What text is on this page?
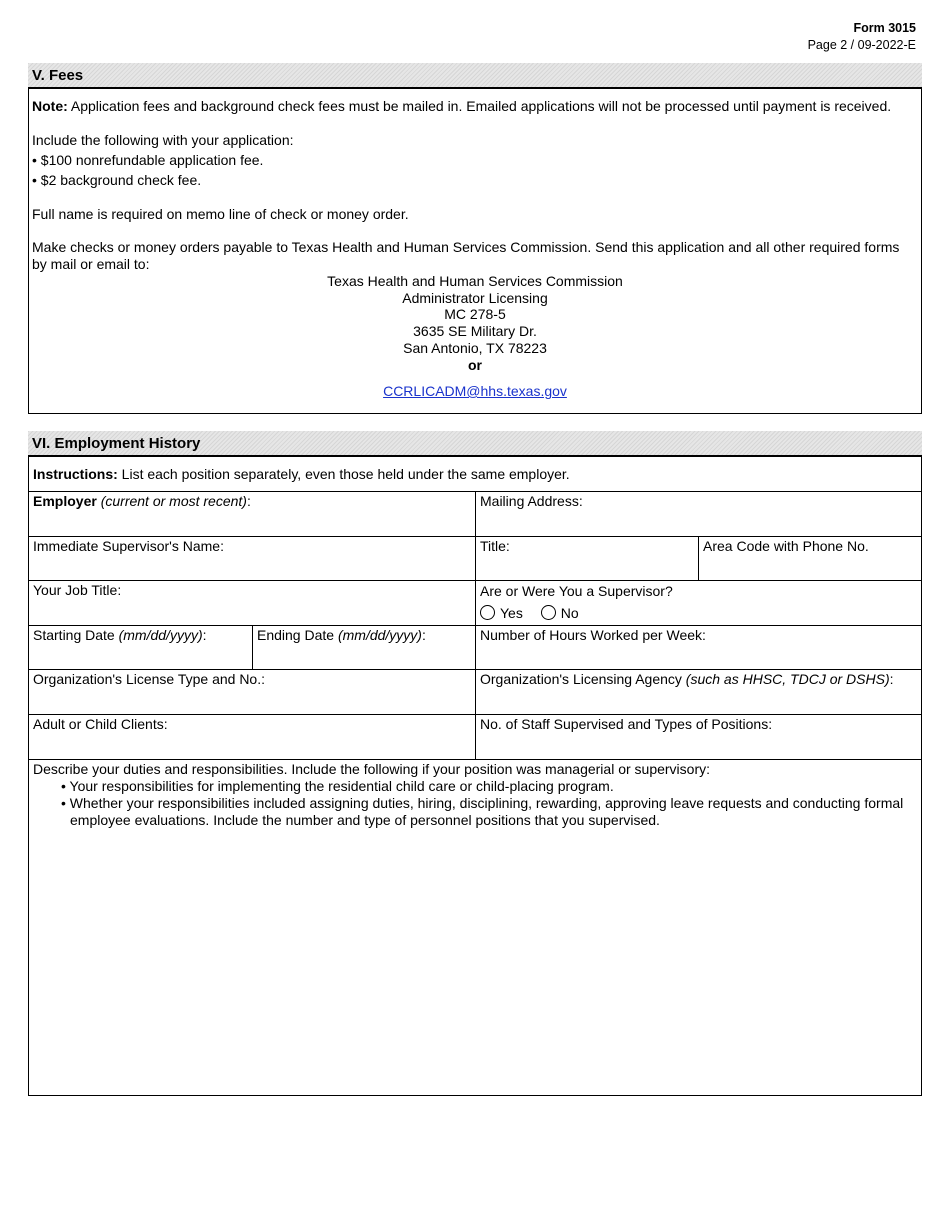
Form 3015
Page 2 / 09-2022-E
V. Fees

Note: Application fees and background check fees must be mailed in. Emailed applications will not be processed until payment is received.

Include the following with your application:

• $100 nonrefundable application fee.

• $2 background check fee.

Full name is required on memo line of check or money order.

Make checks or money orders payable to Texas Health and Human Services Commission. Send this application and all other required forms by mail or email to:

Texas Health and Human Services Commission
Administrator Licensing
MC 278-5
3635 SE Military Dr.
San Antonio, TX 78223
or
CCRLICADM@hhs.texas.gov
VI. Employment History
Instructions: List each position separately, even those held under the same employer.
Employer (current or most recent):	Mailing Address:
Immediate Supervisor's Name:	Title:	Area Code with Phone No.
Your Job Title:	Are or Were You a Supervisor?
Yes	No
Starting Date (mm/dd/yyyy):	Ending Date (mm/dd/yyyy):	Number of Hours Worked per Week:
Organization's License Type and No.:	Organization's Licensing Agency (such as HHSC, TDCJ or DSHS):
Adult or Child Clients:	No. of Staff Supervised and Types of Positions:
Describe your duties and responsibilities. Include the following if your position was managerial or supervisory:
• Your responsibilities for implementing the residential child care or child-placing program.
• Whether your responsibilities included assigning duties, hiring, disciplining, rewarding, approving leave requests and conducting formal employee evaluations. Include the number and type of personnel positions that you supervised.
